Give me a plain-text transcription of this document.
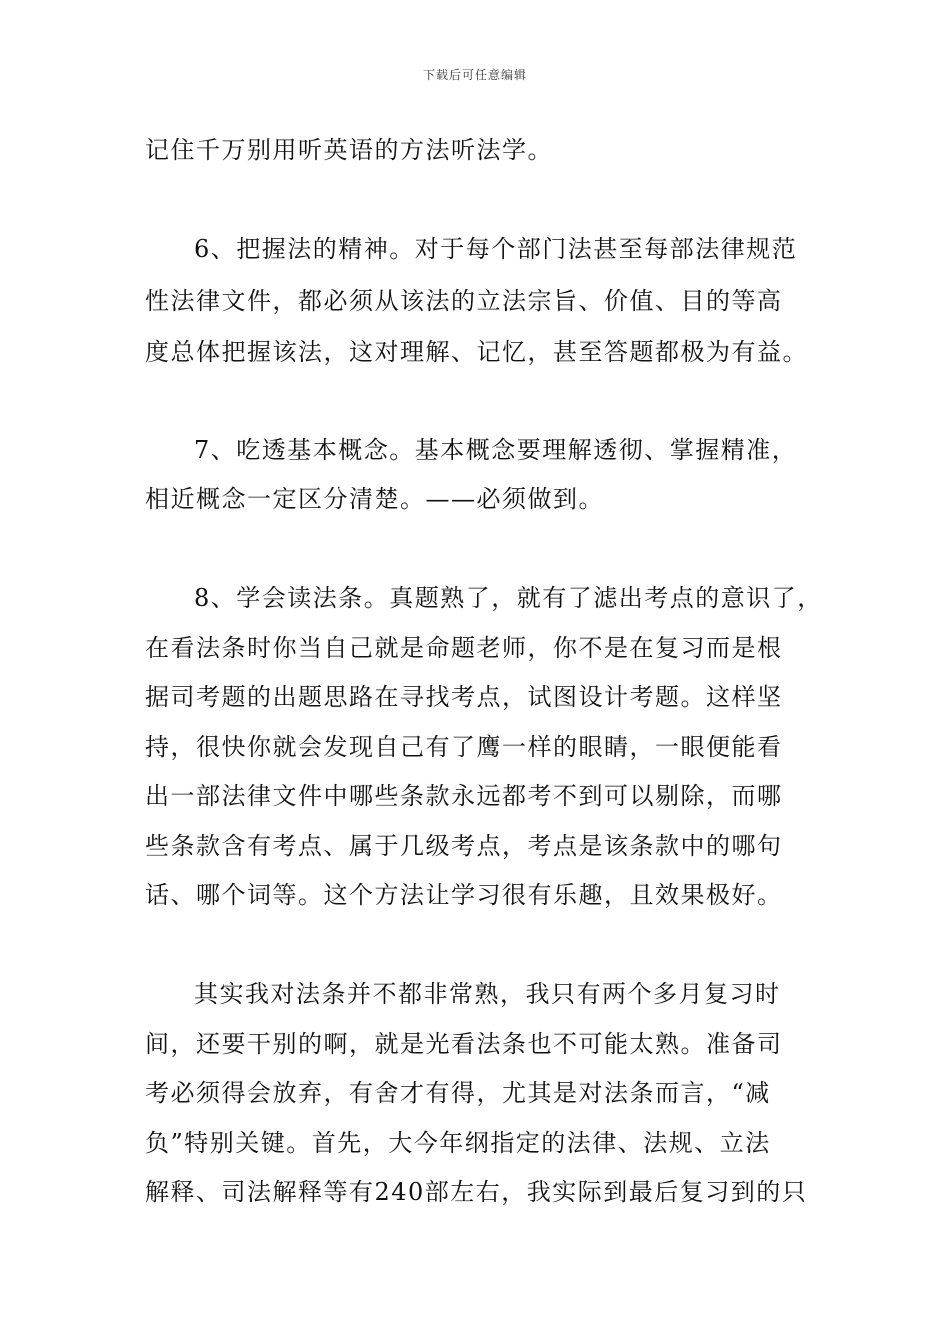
下载后可任意编辑
记住千万别用听英语的方法听法学。
6、把握法的精神。对于每个部门法甚至每部法律规范
性法律文件，都必须从该法的立法宗旨、价值、目的等高
度总体把握该法，这对理解、记忆，甚至答题都极为有益。
7、吃透基本概念。基本概念要理解透彻、掌握精准，
相近概念一定区分清楚。——必须做到。
8、学会读法条。真题熟了，就有了滤出考点的意识了，
在看法条时你当自己就是命题老师，你不是在复习而是根
据司考题的出题思路在寻找考点，试图设计考题。这样坚
持，很快你就会发现自己有了鹰一样的眼睛，一眼便能看
出一部法律文件中哪些条款永远都考不到可以剔除，而哪
些条款含有考点、属于几级考点，考点是该条款中的哪句
话、哪个词等。这个方法让学习很有乐趣，且效果极好。
其实我对法条并不都非常熟，我只有两个多月复习时
间，还要干别的啊，就是光看法条也不可能太熟。准备司
考必须得会放弃，有舍才有得，尤其是对法条而言，“减
负”特别关键。首先，大今年纲指定的法律、法规、立法
解释、司法解释等有240部左右，我实际到最后复习到的只
